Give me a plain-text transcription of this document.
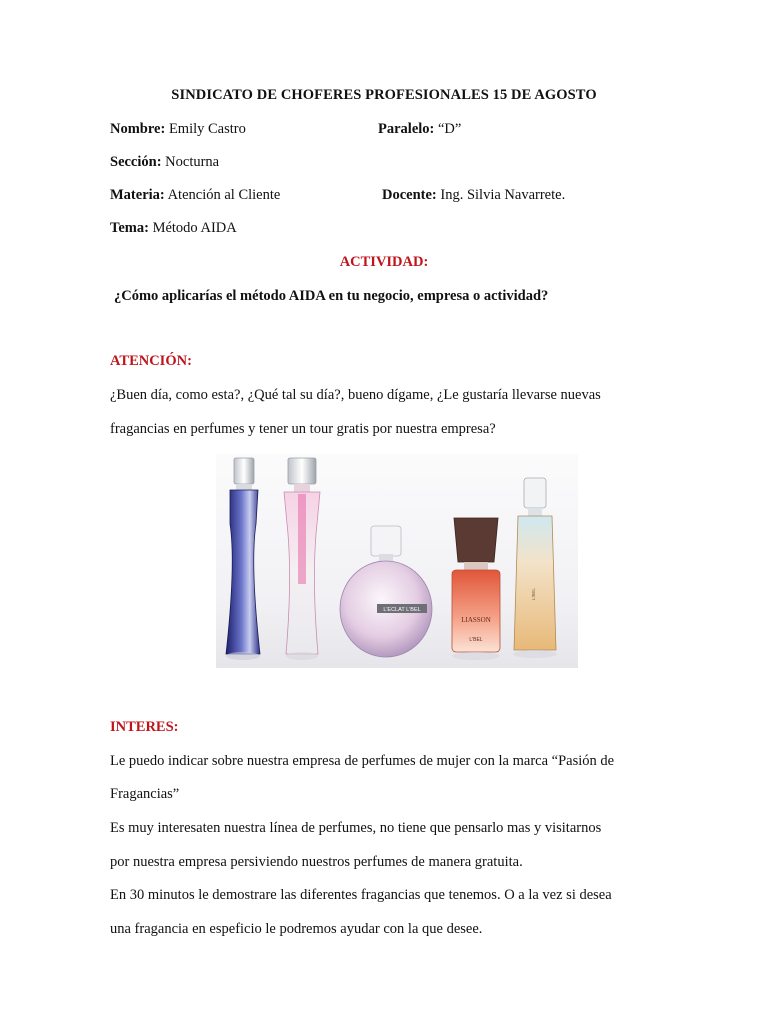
SINDICATO DE CHOFERES PROFESIONALES 15 DE AGOSTO
Nombre: Emily Castro	Paralelo: “D”
Sección: Nocturna
Materia: Atención al Cliente	Docente: Ing. Silvia Navarrete.
Tema: Método AIDA
ACTIVIDAD:
¿Cómo aplicarías el método AIDA en tu negocio, empresa o actividad?
ATENCIÓN:
¿Buen día, como esta?, ¿Qué tal su día?, bueno dígame, ¿Le gustaría llevarse nuevas
fragancias en perfumes y tener un tour gratis por nuestra empresa?
L'ECLAT L'BEL
LIASSON
L'BEL
L'BEL
INTERES:
Le puedo indicar sobre nuestra empresa de perfumes de mujer con la marca “Pasión de
Fragancias”
Es muy interesaten nuestra línea de perfumes, no tiene que pensarlo mas y visitarnos
por nuestra empresa persiviendo nuestros perfumes de manera gratuita.
En 30 minutos le demostrare las diferentes fragancias que tenemos. O a la vez si desea
una fragancia en espeficio le podremos ayudar con la que desee.
